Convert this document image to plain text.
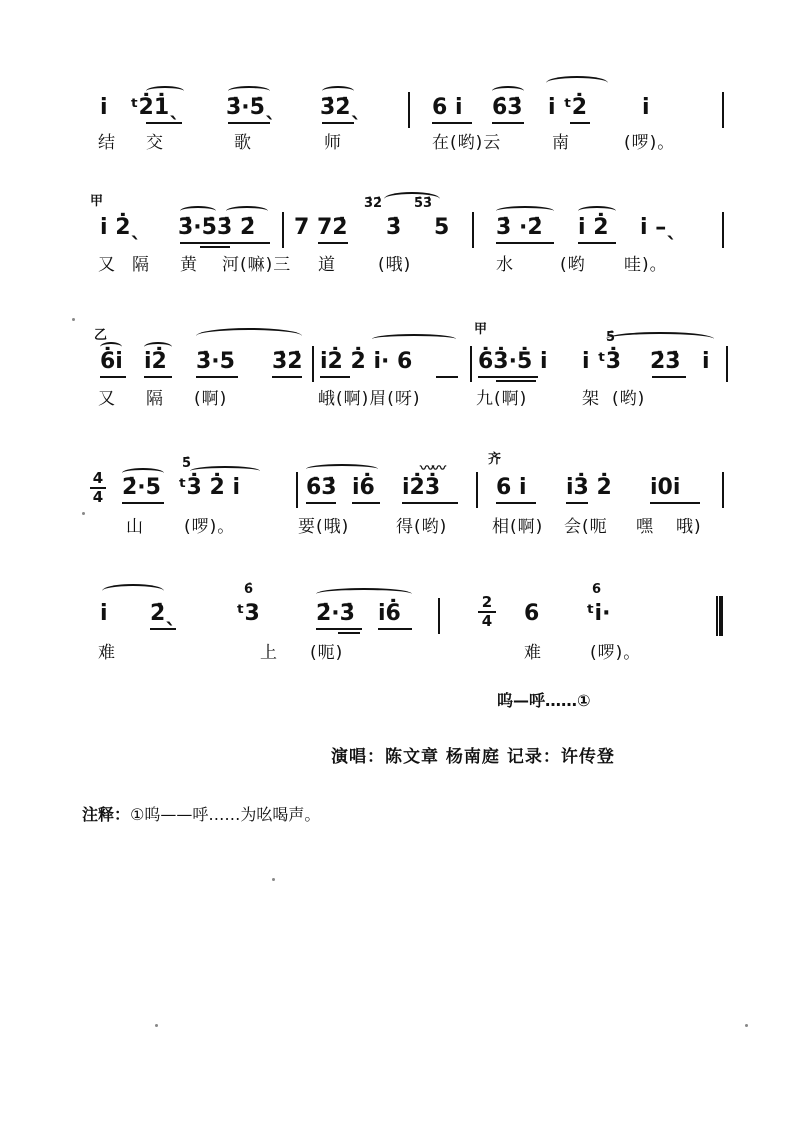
i ᵗ2̇1̇ˎ 3̇·5̇ˎ 3̇2̇ˎ	6 i 6̇3̇ i ᵗ2̇ i
结 交	歌	师	在(哟)云	南	(啰)。
甲
i 2̇ˎ 3̇·5̇3̇ 2̇ 7 72̇
3̇2̇
3̇
5̇3̇
5 3̇ ·2̇ i 2̇ i –ˎ
又 隔 黄 河(嘛)三 道 (哦)	水	(哟 哇)。
乙	甲
6̇i i2̇ 3̇·5 3̇2̇ i2̇ 2̇ i· 6	6̇3̇·5̇ i
5̇
i ᵗ3̇ 2̇3̇ i
又 隔 (啊)	峨(啊)眉(呀)	九(啊)	架 (哟)
4
4 2̇·5
5̇
ᵗ3̇ 2̇ i	6̇3̇ i6̇ i2̇3̇
〰〰
齐
6 i i3̇ 2̇ i0i
山 (啰)。	要(哦)	得(哟)	相(啊) 会(呃 嘿 哦)
i 2̇ˎ
6̇
ᵗ3	2̇·3̇ i6̇	2
4 6
6
ᵗi·
难	上 (呃)	难	(啰)。
呜—呼……①
演唱：陈文章 杨南庭 记录：许传登
注释：①呜——呼……为吆喝声。
